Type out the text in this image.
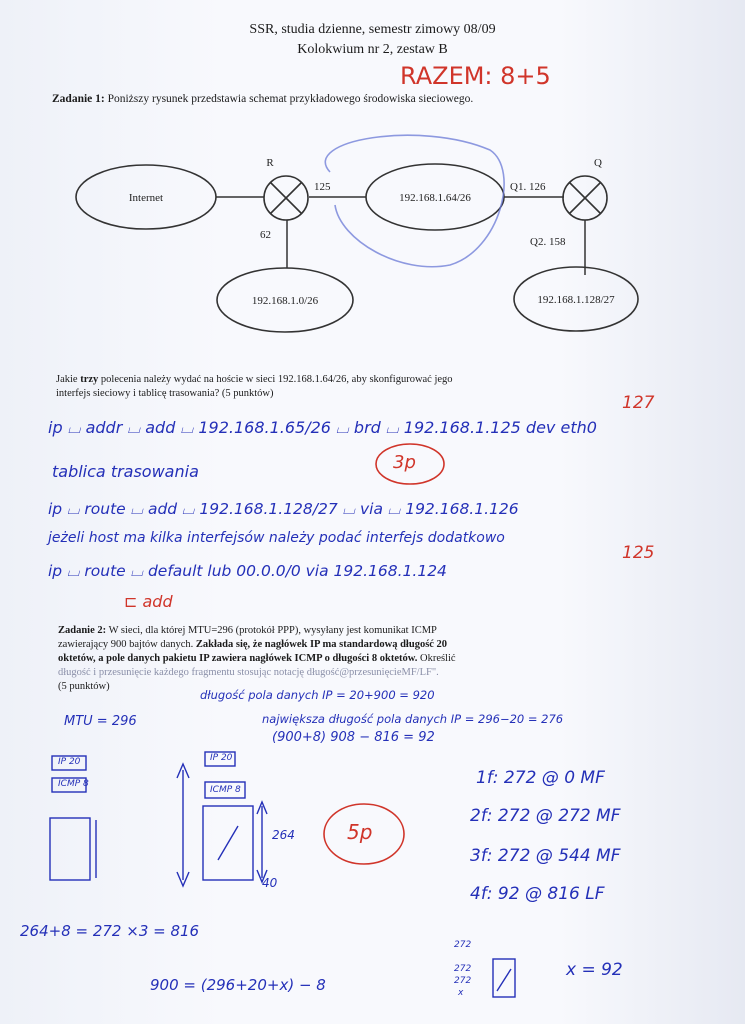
SSR, studia dzienne, semestr zimowy 08/09
Kolokwium nr 2, zestaw B
RAZEM: 8+5
Zadanie 1: Poniższy rysunek przedstawia schemat przykładowego środowiska sieciowego.
Internet
R	Q
192.168.1.64/26
192.168.1.0/26	192.168.1.128/27
125
62
Q1. 126
Q2. 158
Jakie trzy polecenia należy wydać na hoście w sieci 192.168.1.64/26, aby skonfigurować jego
interfejs sieciowy i tablicę trasowania? (5 punktów)	127
ip ⌴ addr ⌴ add ⌴ 192.168.1.65/26 ⌴ brd ⌴ 192.168.1.125 dev eth0
3p
tablica trasowania
ip ⌴ route ⌴ add ⌴ 192.168.1.128/27 ⌴ via ⌴ 192.168.1.126
jeżeli host ma kilka interfejsów należy podać interfejs dodatkowo
125
ip ⌴ route ⌴ default lub 00.0.0/0 via 192.168.1.124
⊏ add
Zadanie 2: W sieci, dla której MTU=296 (protokół PPP), wysyłany jest komunikat ICMP
zawierający 900 bajtów danych. Zakłada się, że nagłówek IP ma standardową długość 20
oktetów, a pole danych pakietu IP zawiera nagłówek ICMP o długości 8 oktetów. Określić
długość i przesunięcie każdego fragmentu stosując notację długość@przesunięcieMF/LF".
(5 punktów)
długość pola danych IP = 20+900 = 920
MTU = 296	największa długość pola danych IP = 296−20 = 276
(900+8) 908 − 816 = 92
IP 20
ICMP 8
IP 20
ICMP 8
264
40
5p
1f: 272 @ 0 MF
2f: 272 @ 272 MF
3f: 272 @ 544 MF
4f: 92 @ 816 LF
264+8 = 272 ×3 = 816
900 = (296+20+x) − 8
272
272
272
x
x = 92
